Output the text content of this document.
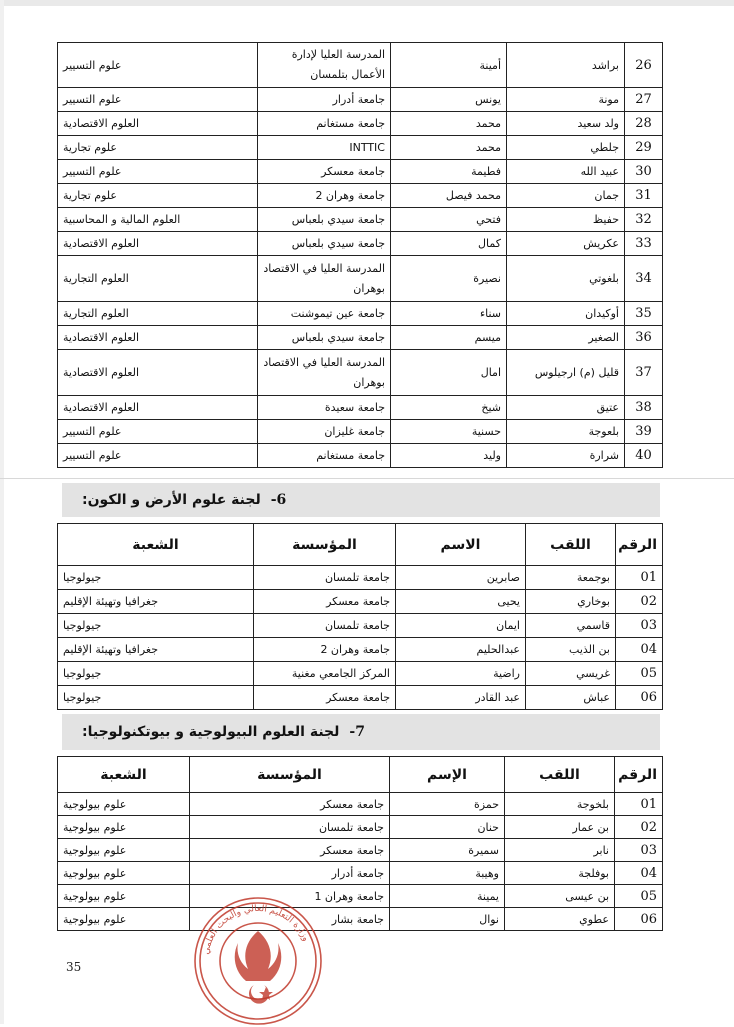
26	براشد	أمينة	المدرسة العليا لإدارة الأعمال بتلمسان	علوم التسيير
27	مونة	يونس	جامعة أدرار	علوم التسيير
28	ولد سعيد	محمد	جامعة مستغانم	العلوم الاقتصادية
29	جلطي	محمد	INTTIC	علوم تجارية
30	عبيد الله	فطيمة	جامعة معسكر	علوم التسيير
31	جمان	محمد فيصل	جامعة وهران 2	علوم تجارية
32	حفيظ	فتحي	جامعة سيدي بلعباس	العلوم المالية و المحاسبية
33	عكريش	كمال	جامعة سيدي بلعباس	العلوم الاقتصادية
34	بلغوتي	نصيرة	المدرسة العليا في الاقتصاد بوهران	العلوم التجارية
35	أوكيدان	سناء	جامعة عين تيموشنت	العلوم التجارية
36	الصغير	ميسم	جامعة سيدي بلعباس	العلوم الاقتصادية
37	قليل (م) ارجيلوس	امال	المدرسة العليا في الاقتصاد بوهران	العلوم الاقتصادية
38	عتيق	شيخ	جامعة سعيدة	العلوم الاقتصادية
39	بلعوجة	حسنية	جامعة غليزان	علوم التسيير
40	شرارة	وليد	جامعة مستغانم	علوم التسيير
6-
لجنة علوم الأرض و الكون:
الرقم	اللقب	الاسم	المؤسسة	الشعبة
01	بوجمعة	صابرين	جامعة تلمسان	جيولوجيا
02	بوخاري	يحيى	جامعة معسكر	جغرافيا وتهيئة الإقليم
03	قاسمي	ايمان	جامعة تلمسان	جيولوجيا
04	بن الذيب	عبدالحليم	جامعة وهران 2	جغرافيا وتهيئة الإقليم
05	غريسي	راضية	المركز الجامعي مغنية	جيولوجيا
06	عباش	عبد القادر	جامعة معسكر	جيولوجيا
7-
لجنة العلوم البيولوجية و بيوتكنولوجيا:
الرقم	اللقب	الإسم	المؤسسة	الشعبة
01	بلخوجة	حمزة	جامعة معسكر	علوم بيولوجية
02	بن عمار	حنان	جامعة تلمسان	علوم بيولوجية
03	نابر	سميرة	جامعة معسكر	علوم بيولوجية
04	بوفلجة	وهيبة	جامعة أدرار	علوم بيولوجية
05	بن عيسى	يمينة	جامعة وهران 1	علوم بيولوجية
06	عطوي	نوال	جامعة بشار	علوم بيولوجية
35
وزارة التعليم العالي والبحث العلمي
